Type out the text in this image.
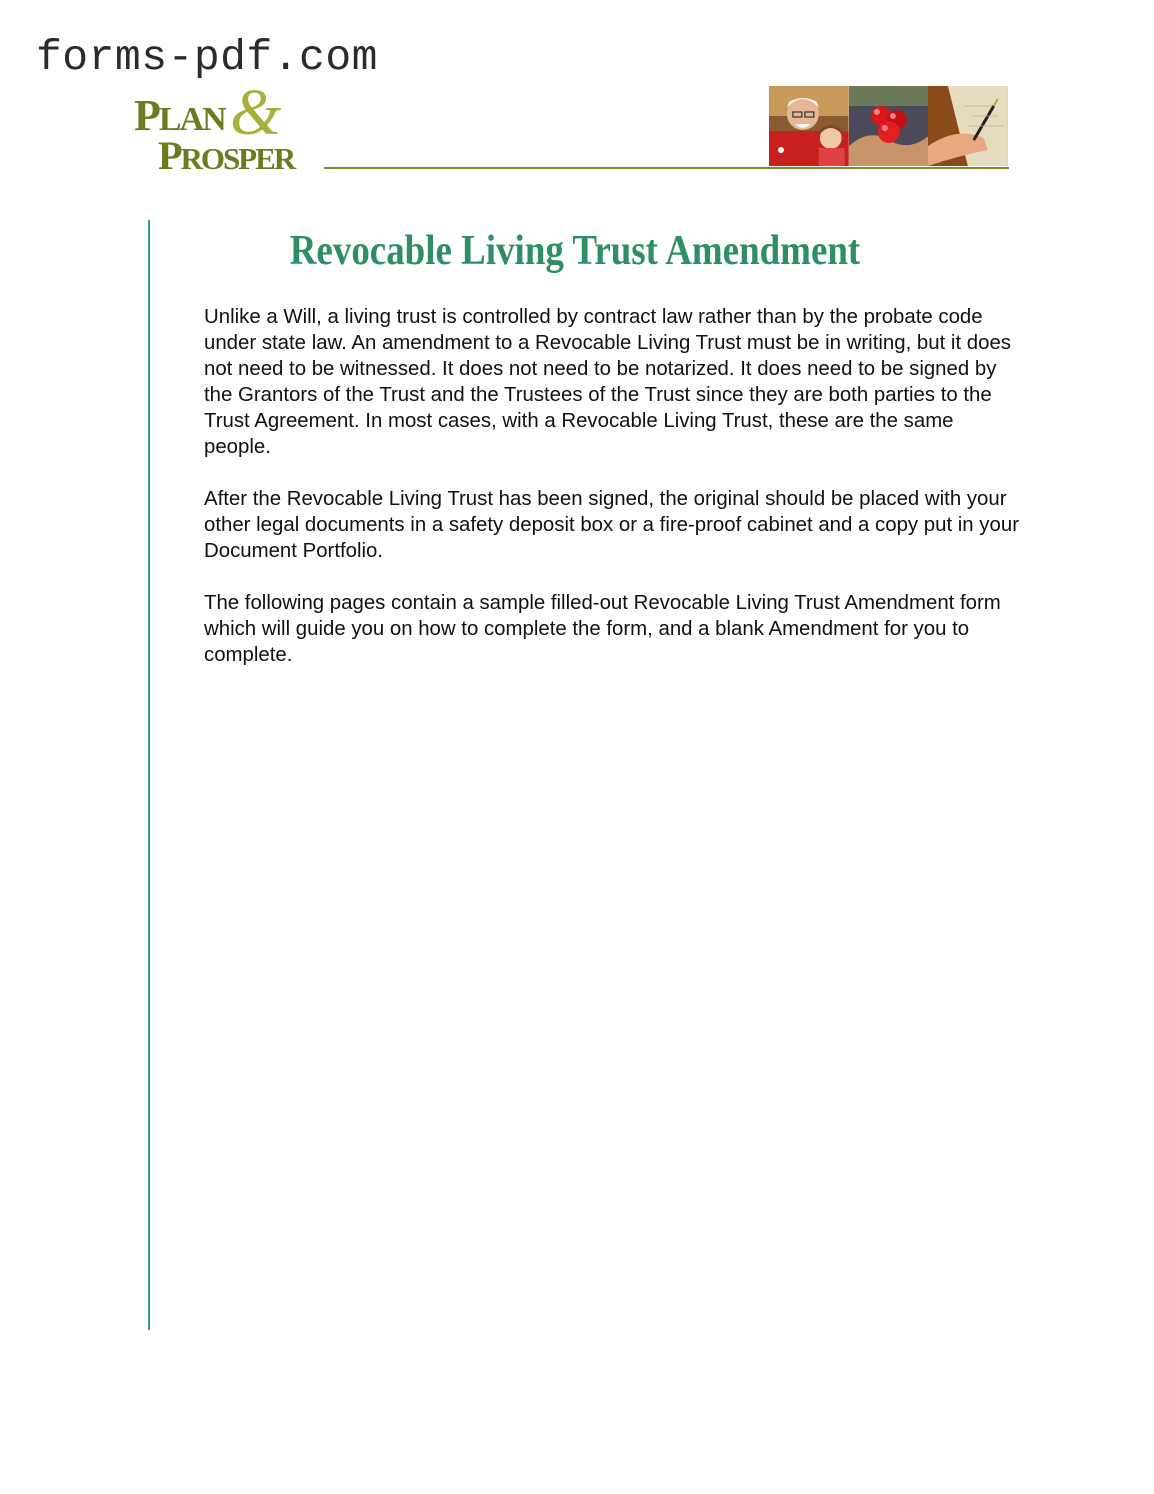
forms-pdf.com
&
PLAN
PROSPER
Revocable Living Trust Amendment

Unlike a Will, a living trust is controlled by contract law rather than by the probate code under state law. An amendment to a Revocable Living Trust must be in writing, but it does not need to be witnessed. It does not need to be notarized. It does need to be signed by the Grantors of the Trust and the Trustees of the Trust since they are both parties to the Trust Agreement. In most cases, with a Revocable Living Trust, these are the same people.

After the Revocable Living Trust has been signed, the original should be placed with your other legal documents in a safety deposit box or a fire-proof cabinet and a copy put in your Document Portfolio.

The following pages contain a sample filled-out Revocable Living Trust Amendment form which will guide you on how to complete the form, and a blank Amendment for you to complete.
